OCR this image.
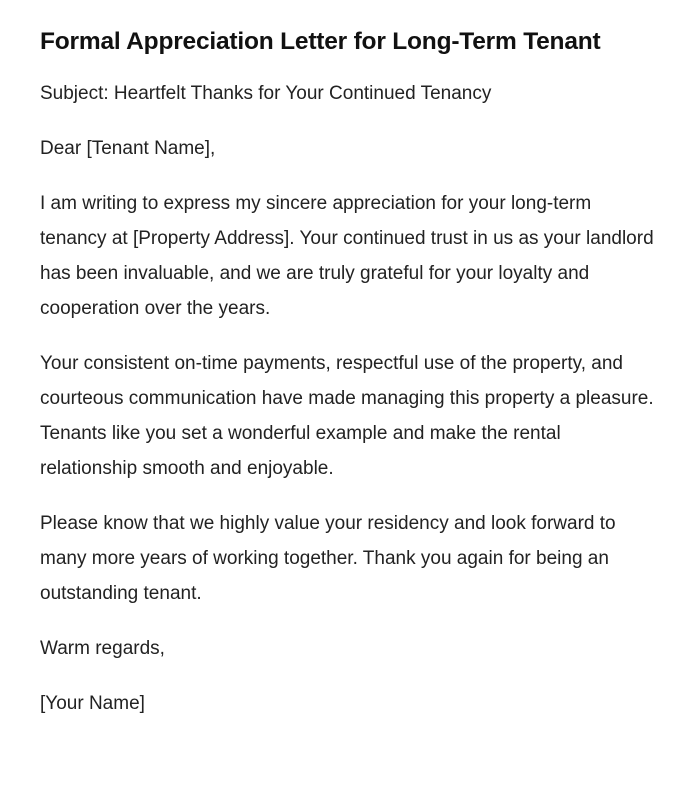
Formal Appreciation Letter for Long-Term Tenant

Subject: Heartfelt Thanks for Your Continued Tenancy

Dear [Tenant Name],

I am writing to express my sincere appreciation for your long-term tenancy at [Property Address]. Your continued trust in us as your landlord has been invaluable, and we are truly grateful for your loyalty and cooperation over the years.

Your consistent on-time payments, respectful use of the property, and courteous communication have made managing this property a pleasure. Tenants like you set a wonderful example and make the rental relationship smooth and enjoyable.

Please know that we highly value your residency and look forward to many more years of working together. Thank you again for being an outstanding tenant.

Warm regards,

[Your Name]
